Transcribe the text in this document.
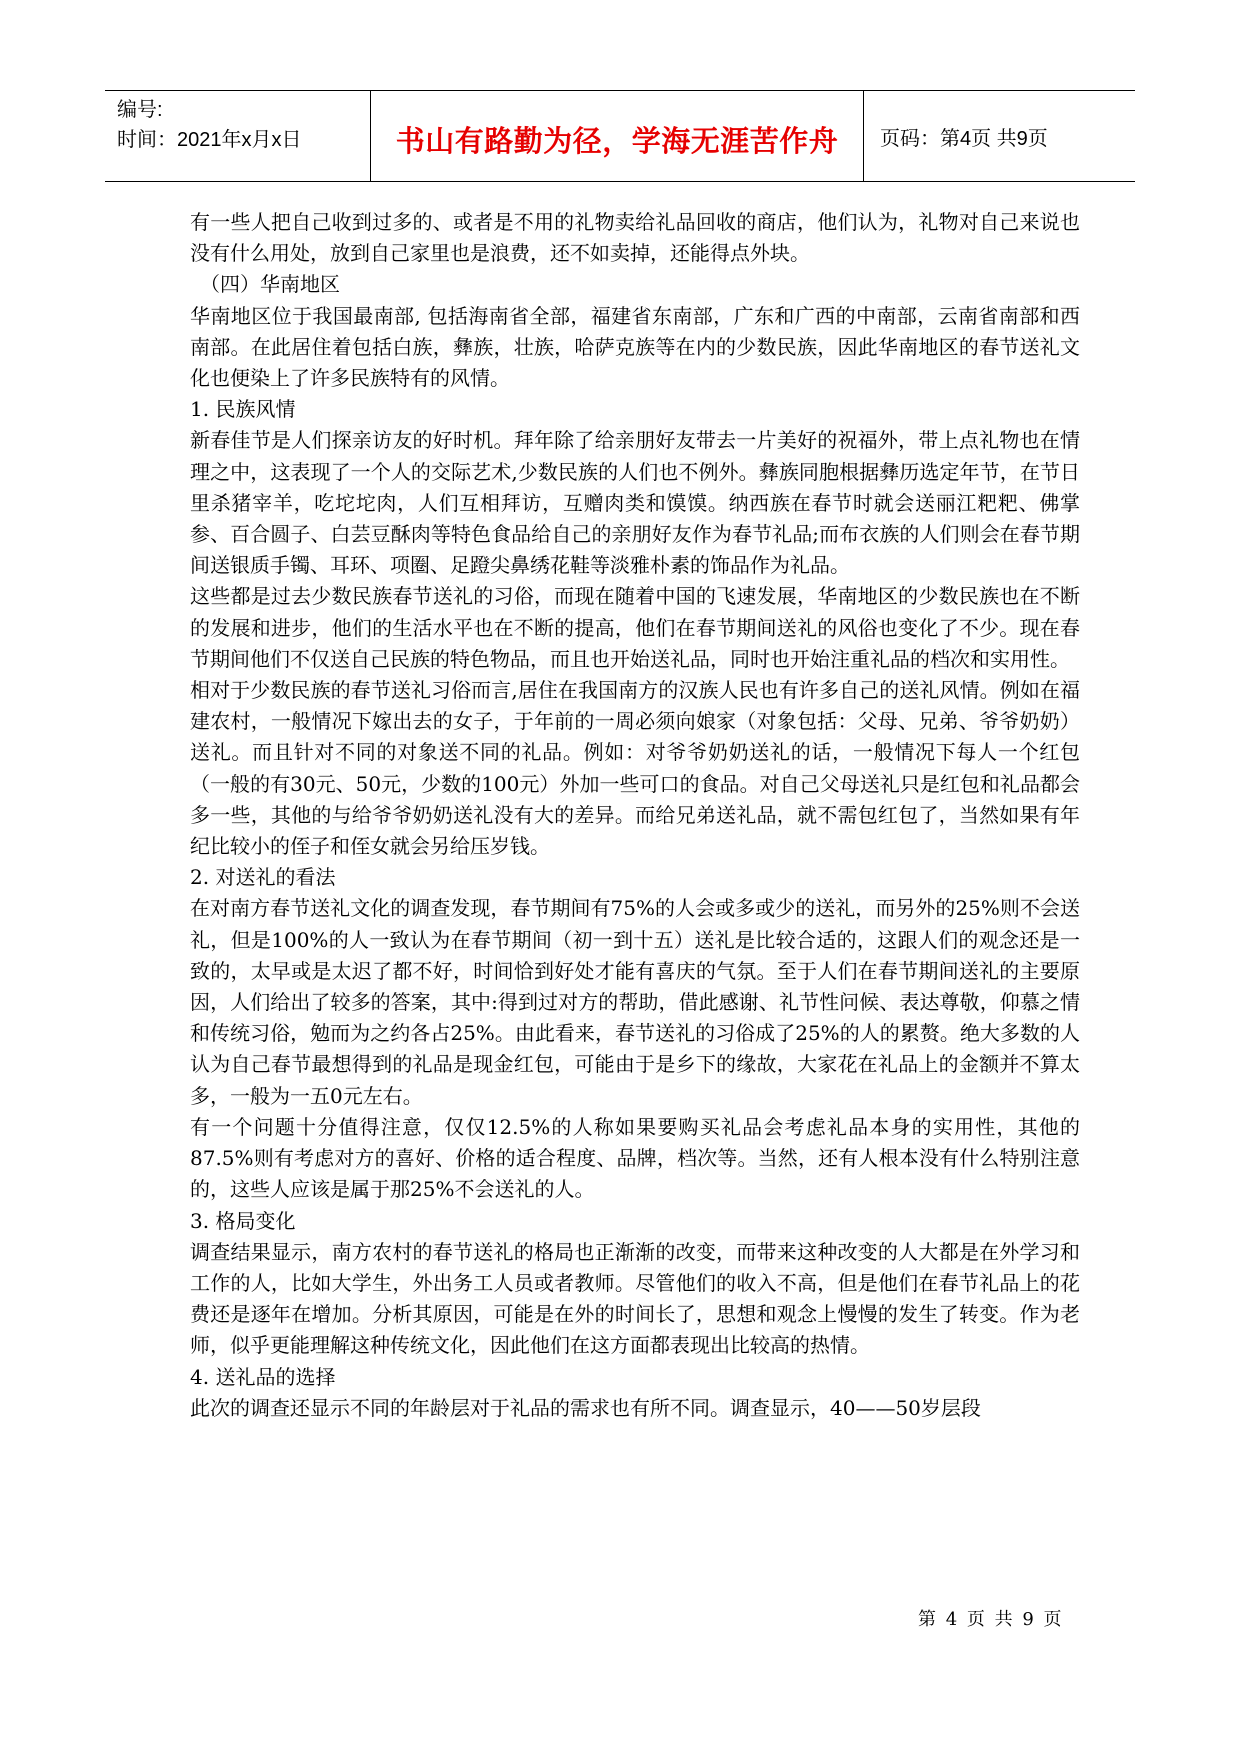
编号:
时间：2021年x月x日	书山有路勤为径，学海无涯苦作舟	页码：第4页 共9页

有一些人把自己收到过多的、或者是不用的礼物卖给礼品回收的商店，他们认为，礼物对自己来说也没有什么用处，放到自己家里也是浪费，还不如卖掉，还能得点外块。

（四）华南地区

华南地区位于我国最南部, 包括海南省全部，福建省东南部，广东和广西的中南部，云南省南部和西南部。在此居住着包括白族，彝族，壮族，哈萨克族等在内的少数民族，因此华南地区的春节送礼文化也便染上了许多民族特有的风情。

1. 民族风情

新春佳节是人们探亲访友的好时机。拜年除了给亲朋好友带去一片美好的祝福外，带上点礼物也在情理之中，这表现了一个人的交际艺术,少数民族的人们也不例外。彝族同胞根据彝历选定年节，在节日里杀猪宰羊，吃坨坨肉，人们互相拜访，互赠肉类和馍馍。纳西族在春节时就会送丽江粑粑、佛掌参、百合圆子、白芸豆酥肉等特色食品给自己的亲朋好友作为春节礼品;而布衣族的人们则会在春节期间送银质手镯、耳环、项圈、足蹬尖鼻绣花鞋等淡雅朴素的饰品作为礼品。

这些都是过去少数民族春节送礼的习俗，而现在随着中国的飞速发展，华南地区的少数民族也在不断的发展和进步，他们的生活水平也在不断的提高，他们在春节期间送礼的风俗也变化了不少。现在春节期间他们不仅送自己民族的特色物品，而且也开始送礼品，同时也开始注重礼品的档次和实用性。

相对于少数民族的春节送礼习俗而言,居住在我国南方的汉族人民也有许多自己的送礼风情。例如在福建农村，一般情况下嫁出去的女子，于年前的一周必须向娘家（对象包括：父母、兄弟、爷爷奶奶）送礼。而且针对不同的对象送不同的礼品。例如：对爷爷奶奶送礼的话，一般情况下每人一个红包（一般的有30元、50元，少数的100元）外加一些可口的食品。对自己父母送礼只是红包和礼品都会多一些，其他的与给爷爷奶奶送礼没有大的差异。而给兄弟送礼品，就不需包红包了，当然如果有年纪比较小的侄子和侄女就会另给压岁钱。

2. 对送礼的看法

在对南方春节送礼文化的调查发现，春节期间有75%的人会或多或少的送礼，而另外的25%则不会送礼，但是100%的人一致认为在春节期间（初一到十五）送礼是比较合适的，这跟人们的观念还是一致的，太早或是太迟了都不好，时间恰到好处才能有喜庆的气氛。至于人们在春节期间送礼的主要原因，人们给出了较多的答案，其中:得到过对方的帮助，借此感谢、礼节性问候、表达尊敬，仰慕之情和传统习俗，勉而为之约各占25%。由此看来，春节送礼的习俗成了25%的人的累赘。绝大多数的人认为自己春节最想得到的礼品是现金红包，可能由于是乡下的缘故，大家花在礼品上的金额并不算太多，一般为一五0元左右。

有一个问题十分值得注意，仅仅12.5%的人称如果要购买礼品会考虑礼品本身的实用性，其他的87.5%则有考虑对方的喜好、价格的适合程度、品牌，档次等。当然，还有人根本没有什么特别注意的，这些人应该是属于那25%不会送礼的人。

3. 格局变化

调查结果显示，南方农村的春节送礼的格局也正渐渐的改变，而带来这种改变的人大都是在外学习和工作的人，比如大学生，外出务工人员或者教师。尽管他们的收入不高，但是他们在春节礼品上的花费还是逐年在增加。分析其原因，可能是在外的时间长了，思想和观念上慢慢的发生了转变。作为老师，似乎更能理解这种传统文化，因此他们在这方面都表现出比较高的热情。

4. 送礼品的选择

此次的调查还显示不同的年龄层对于礼品的需求也有所不同。调查显示，40——50岁层段

第 4 页 共 9 页
